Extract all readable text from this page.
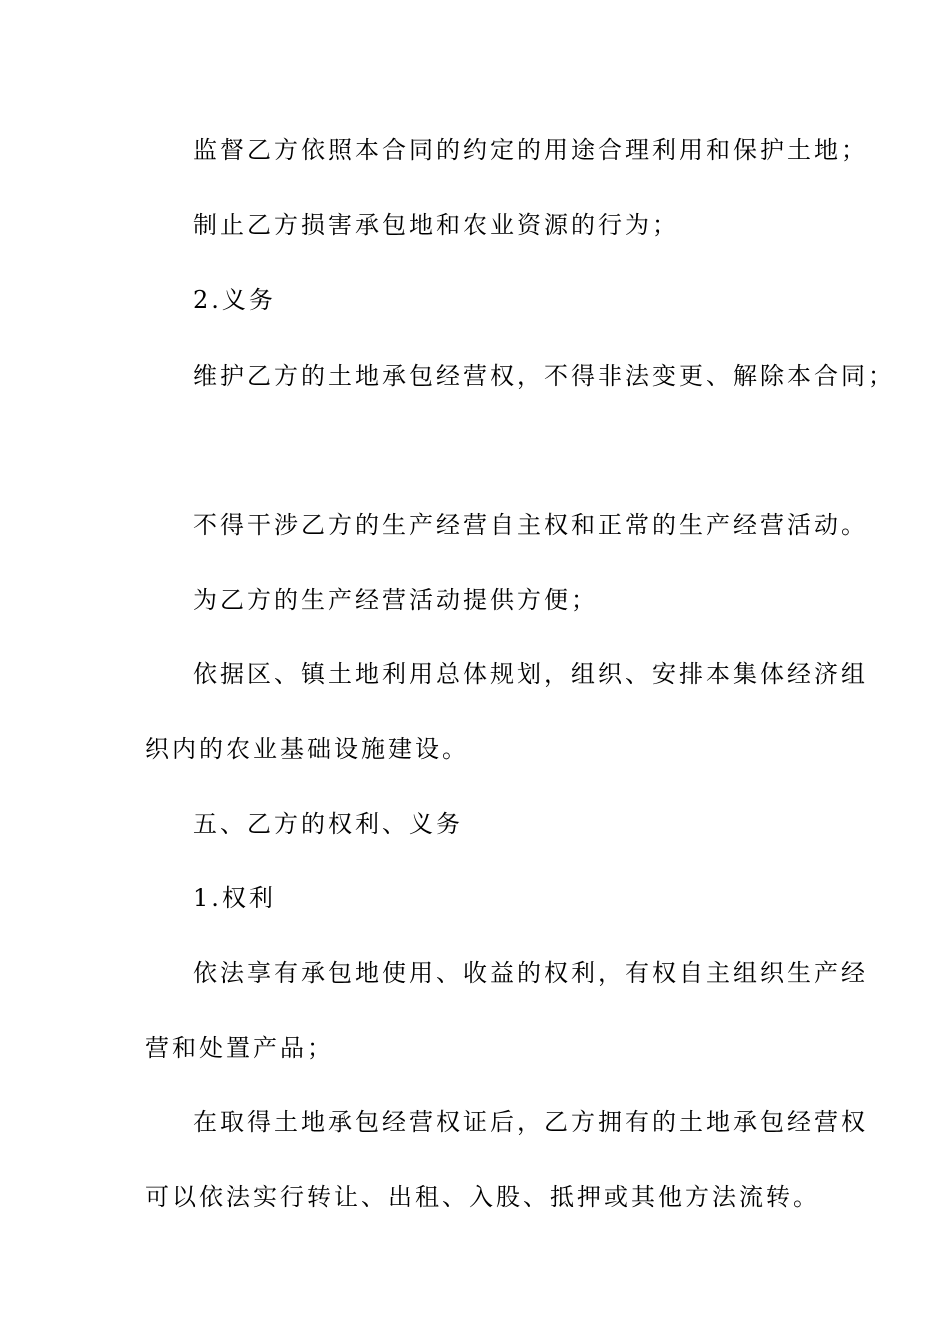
监督乙方依照本合同的约定的用途合理利用和保护土地；
制止乙方损害承包地和农业资源的行为；
2.义务
维护乙方的土地承包经营权，不得非法变更、解除本合同；
不得干涉乙方的生产经营自主权和正常的生产经营活动。
为乙方的生产经营活动提供方便；
依据区、镇土地利用总体规划，组织、安排本集体经济组
织内的农业基础设施建设。
五、乙方的权利、义务
1.权利
依法享有承包地使用、收益的权利，有权自主组织生产经
营和处置产品；
在取得土地承包经营权证后，乙方拥有的土地承包经营权
可以依法实行转让、出租、入股、抵押或其他方法流转。
